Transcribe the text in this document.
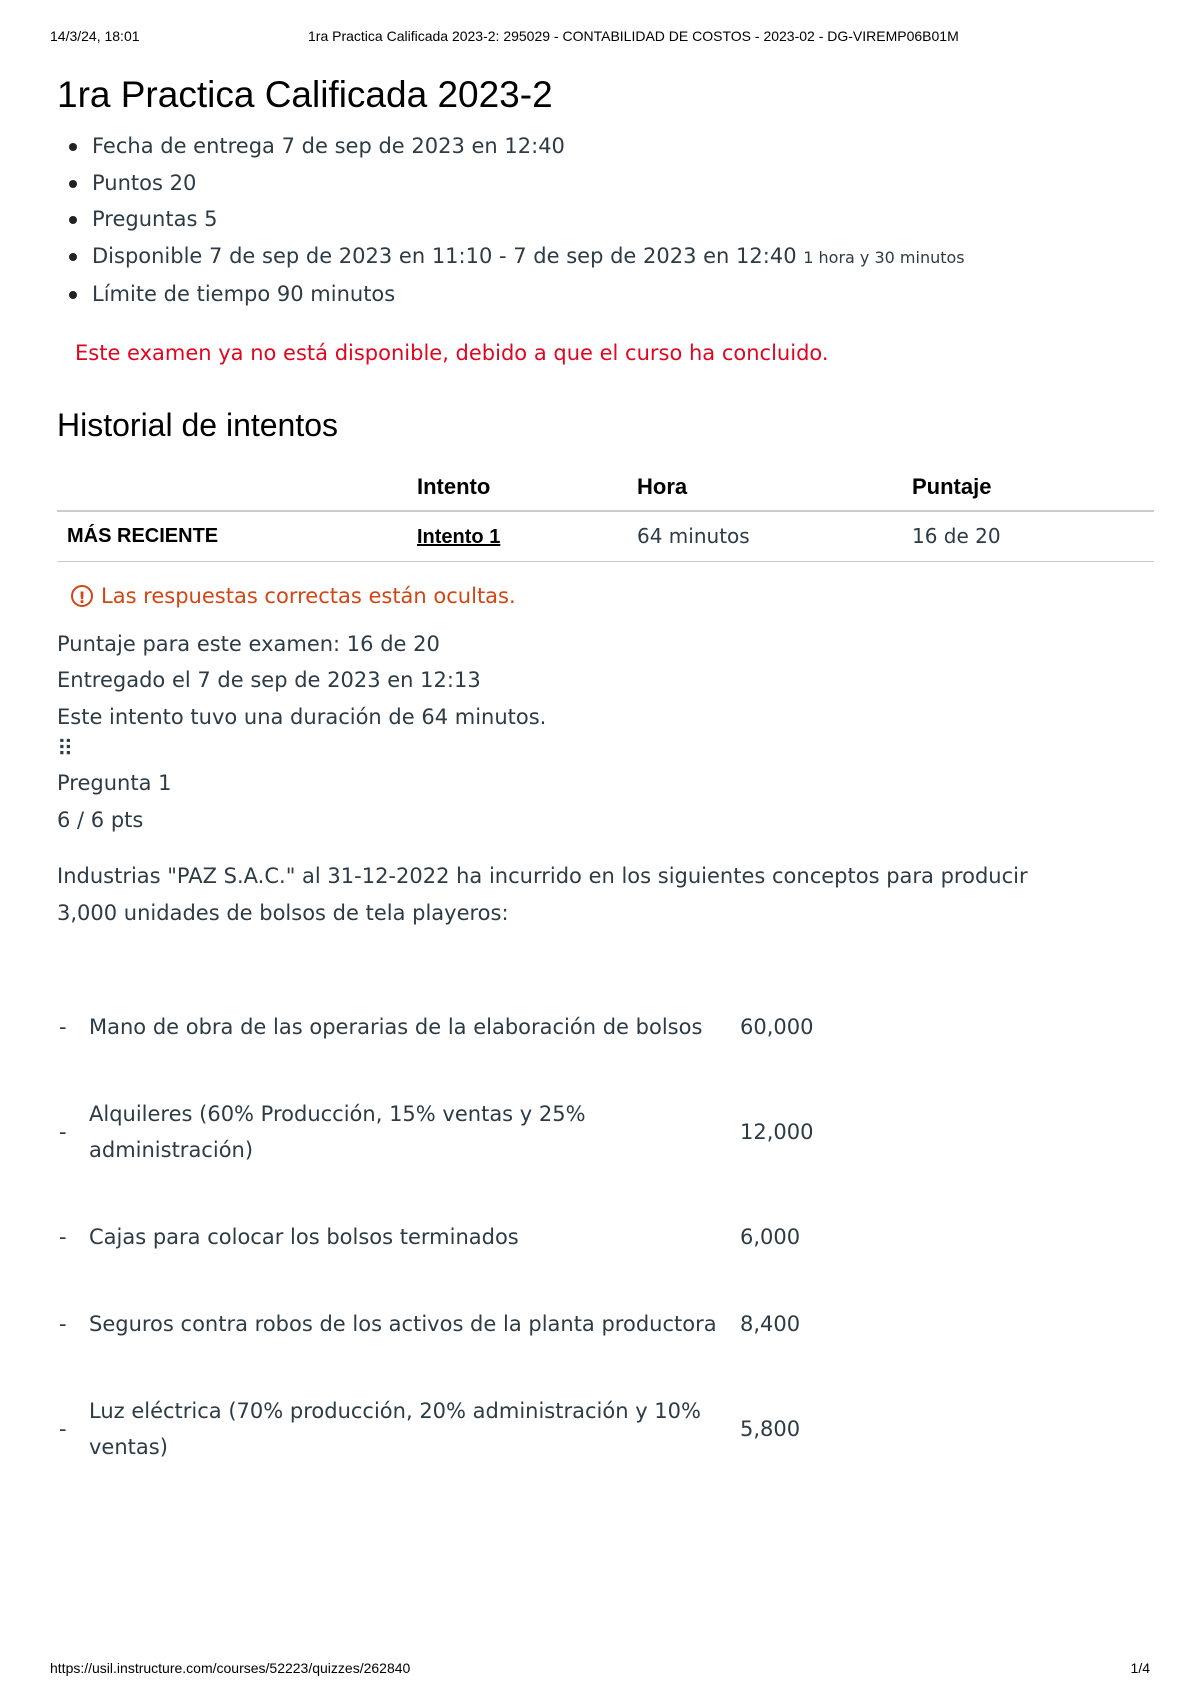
14/3/24, 18:01	1ra Practica Calificada 2023-2: 295029 - CONTABILIDAD DE COSTOS - 2023-02 - DG-VIREMP06B01M
1ra Practica Calificada 2023-2
Fecha de entrega 7 de sep de 2023 en 12:40
Puntos 20
Preguntas 5
Disponible 7 de sep de 2023 en 11:10 - 7 de sep de 2023 en 12:40 1 hora y 30 minutos
Límite de tiempo 90 minutos
Este examen ya no está disponible, debido a que el curso ha concluido.
Historial de intentos
	Intento	Hora	Puntaje
MÁS RECIENTE	Intento 1	64 minutos	16 de 20
! Las respuestas correctas están ocultas.
Puntaje para este examen: 16 de 20
Entregado el 7 de sep de 2023 en 12:13
Este intento tuvo una duración de 64 minutos.
⠿
Pregunta 1
6 / 6 pts
Industrias "PAZ S.A.C." al 31-12-2022 ha incurrido en los siguientes conceptos para producir 3,000 unidades de bolsos de tela playeros:
-	Mano de obra de las operarias de la elaboración de bolsos	60,000

-	Alquileres (60% Producción, 15% ventas y 25% administración)	12,000

-	Cajas para colocar los bolsos terminados	6,000

-	Seguros contra robos de los activos de la planta productora	8,400

-	Luz eléctrica (70% producción, 20% administración y 10% ventas)	5,800
https://usil.instructure.com/courses/52223/quizzes/262840	1/4
